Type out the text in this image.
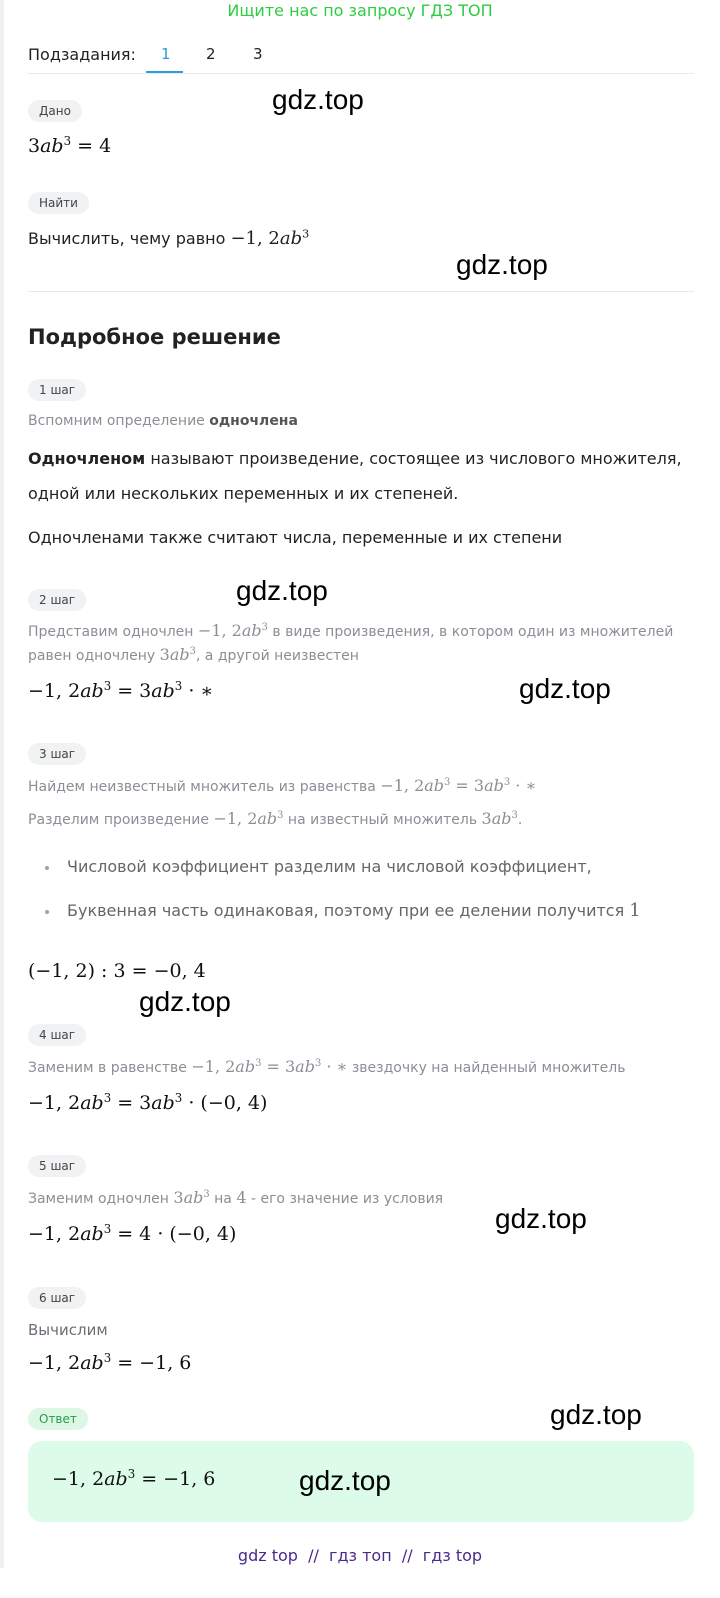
Ищите нас по запросу ГДЗ ТОП
Подзадания: 1 2 3
Дано	gdz.top
$3ab^3 = 4$
Найти
Вычислить, чему равно −1, $2ab^3$
gdz.top
Подробное решение
1 шаг
Вспомним определение одночлена
Одночленом называют произведение, состоящее из числового множителя,
одной или нескольких переменных и их степеней.
Одночленами также считают числа, переменные и их степени
gdz.top
2 шаг
Представим одночлен −1, $2ab^3$ в виде произведения, в котором один из множителей
равен одночлену $3ab^3$, а другой неизвестен
−1, $2ab^3 = 3ab^3$ · ∗	gdz.top
3 шаг
Найдем неизвестный множитель из равенства −1, $2ab^3 = 3ab^3$ · ∗
Разделим произведение −1, $2ab^3$ на известный множитель $3ab^3$.
Числовой коэффициент разделим на числовой коэффициент,
Буквенная часть одинаковая, поэтому при ее делении получится 1
(−1, 2) : 3 = −0, 4
gdz.top
4 шаг
Заменим в равенстве −1, $2ab^3 = 3ab^3$ · ∗ звездочку на найденный множитель
−1, $2ab^3 = 3ab^3 \cdot (-0$, 4)
5 шаг
Заменим одночлен $3ab^3$ на 4 - его значение из условия
gdz.top
−1, $2ab^3 = 4 \cdot (-0$, 4)
6 шаг
Вычислим
−1, $2ab^3 = -1$, 6
Ответ	gdz.top
−1, $2ab^3 = -1$, 6	gdz.top
gdz top  //  гдз топ  //  гдз top
